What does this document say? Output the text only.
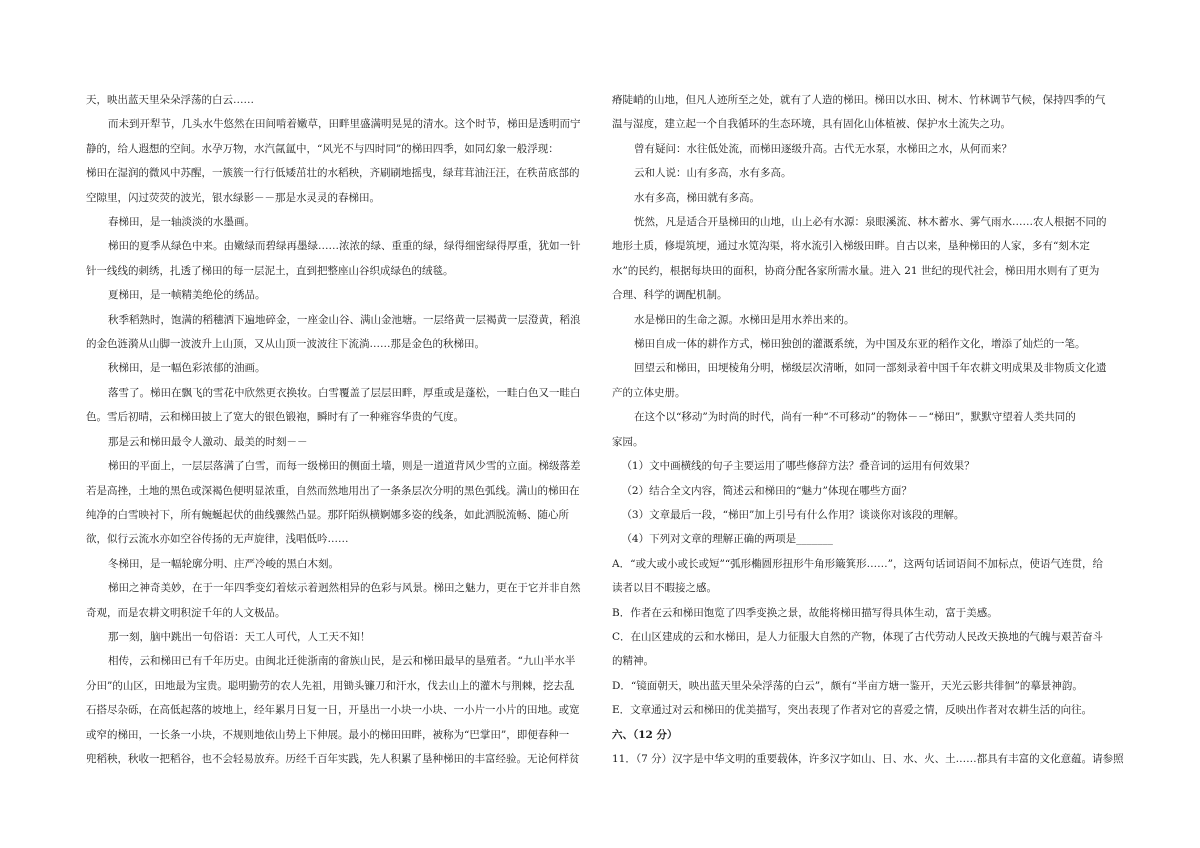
天，映出蓝天里朵朵浮荡的白云……

而未到开犁节，几头水牛悠然在田间啃着嫩草，田畔里盛满明晃晃的清水。这个时节，梯田是透明而宁

静的，给人遐想的空间。水孕万物，水汽氤氲中，“风光不与四时同”的梯田四季，如同幻象一般浮现：

梯田在湿润的微风中苏醒，一簇簇一行行低矮茁壮的水稻秧，齐刷刷地摇曳，绿茸茸油汪汪，在秩苗底部的

空隙里，闪过荧荧的波光，银水绿影－－那是水灵灵的春梯田。

春梯田，是一轴淡淡的水墨画。

梯田的夏季从绿色中来。由嫩绿而碧绿再墨绿……浓浓的绿、重重的绿，绿得细密绿得厚重，犹如一针

针一线线的刺绣，扎透了梯田的每一层泥土，直到把整座山谷织成绿色的绒毯。

夏梯田，是一帧精美绝伦的绣品。

秋季稻熟时，饱满的稻穗洒下遍地碎金，一座金山谷、满山金池塘。一层络黄一层褐黄一层澄黄，稻浪

的金色涟漪从山脚一波波升上山顶，又从山顶一波波往下流淌……那是金色的秋梯田。

秋梯田，是一幅色彩浓郁的油画。

落雪了。梯田在飘飞的雪花中欣然更衣换妆。白雪覆盖了层层田畔，厚重或是蓬松，一畦白色又一畦白

色。雪后初晴，云和梯田披上了宽大的银色锻袍，瞬时有了一种雍容华贵的气度。

那是云和梯田最令人激动、最美的时刻－－

梯田的平面上，一层层落满了白雪，而每一级梯田的侧面土墙，则是一道道背风少雪的立面。梯级落差

若是高挫，土地的黑色或深褐色便明显浓重，自然而然地用出了一条条层次分明的黑色弧线。满山的梯田在

纯净的白雪映衬下，所有蜿蜒起伏的曲线骤然凸显。那阡陌纵横婀娜多姿的线条，如此洒脱流畅、随心所

欲，似行云流水亦如空谷传扬的无声旋律，浅唱低吟……

冬梯田，是一幅轮廓分明、庄严冷峻的黑白木刻。

梯田之神奇美妙，在于一年四季变幻着炫示着迥然相异的色彩与风景。梯田之魅力，更在于它并非自然

奇观，而是农耕文明积淀千年的人文极品。

那一刻，脑中跳出一句俗语：天工人可代，人工天不知！

相传，云和梯田已有千年历史。由闽北迁徙浙南的畲族山民，是云和梯田最早的垦殖者。“九山半水半

分田”的山区，田地最为宝贵。聪明勤劳的农人先祖，用锄头镰刀和汗水，伐去山上的灌木与荆棘，挖去乱

石搭尽杂砾，在高低起落的坡地上，经年累月日复一日，开垦出一小块一小块、一小片一小片的田地。或宽

或窄的梯田，一长条一小块，不规则地依山势上下伸展。最小的梯田田畔，被称为“巴掌田”，即便春种一

兜稻秧，秋收一把稻谷，也不会轻易放弃。历经千百年实践，先人积累了垦种梯田的丰富经验。无论何样贫

瘠陡峭的山地，但凡人迹所至之处，就有了人造的梯田。梯田以水田、树木、竹林调节气候，保持四季的气

温与湿度，建立起一个自我循环的生态环境，具有固化山体植被、保护水土流失之功。

曾有疑问：水往低处流，而梯田逐级升高。古代无水泵，水梯田之水，从何而来？

云和人说：山有多高，水有多高。

水有多高，梯田就有多高。

恍然，凡是适合开垦梯田的山地，山上必有水源：泉眼溪流、林木蓄水、雾气雨水……农人根据不同的

地形土质，修堤筑埂，通过水笕沟渠，将水流引入梯级田畔。自古以来，垦种梯田的人家，多有“刻木定

水”的民约，根据每块田的面积，协商分配各家所需水量。进入 21 世纪的现代社会，梯田用水则有了更为

合理、科学的调配机制。

水是梯田的生命之源。水梯田是用水养出来的。

梯田自成一体的耕作方式，梯田独创的灌溉系统，为中国及东亚的稻作文化，增添了灿烂的一笔。

回望云和梯田，田埂棱角分明，梯级层次清晰，如同一部刻录着中国千年农耕文明成果及非物质文化遗

产的立体史册。

在这个以“移动”为时尚的时代，尚有一种“不可移动”的物体－－“梯田”，默默守望着人类共同的

家园。

（1）文中画横线的句子主要运用了哪些修辞方法？叠音词的运用有何效果？

（2）结合全文内容，简述云和梯田的“魅力”体现在哪些方面？

（3）文章最后一段，“梯田”加上引号有什么作用？谈谈你对该段的理解。

（4）下列对文章的理解正确的两项是_______

A．“或大或小或长或短”“弧形椭圆形扭形牛角形簸箕形……”，这两句话词语间不加标点，使语气连贯，给

读者以目不暇接之感。

B．作者在云和梯田饱览了四季变换之景，故能将梯田描写得具体生动，富于美感。

C．在山区建成的云和水梯田，是人力征服大自然的产物，体现了古代劳动人民改天换地的气魄与艰苦奋斗

的精神。

D．“镜面朝天，映出蓝天里朵朵浮荡的白云”，颇有“半亩方塘一鉴开，天光云影共徘徊”的摹景神韵。

E．文章通过对云和梯田的优美描写，突出表现了作者对它的喜爱之情，反映出作者对农耕生活的向往。

六、（12 分）

11．（7 分）汉字是中华文明的重要载体，许多汉字如山、日、水、火、土……都具有丰富的文化意蕴。请参照
